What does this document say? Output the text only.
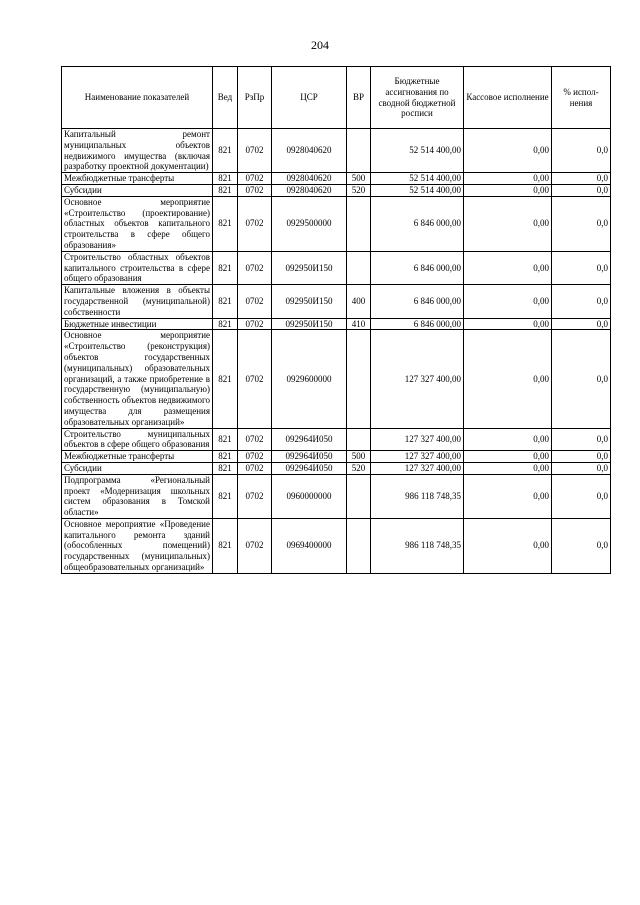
204
Наименование показателей	Вед	РзПр	ЦСР	ВР	Бюджетные ассигнования по сводной бюджетной росписи	Кассовое исполнение	% испол-нения
Капитальный ремонт муниципальных объектов недвижимого имущества (включая разработку проектной документации)	821	0702	0928040620		52 514 400,00	0,00	0,0
Межбюджетные трансферты	821	0702	0928040620	500	52 514 400,00	0,00	0,0
Субсидии	821	0702	0928040620	520	52 514 400,00	0,00	0,0
Основное мероприятие «Строительство (проектирование) областных объектов капитального строительства в сфере общего образования»	821	0702	0929500000		6 846 000,00	0,00	0,0
Строительство областных объектов капитального строительства в сфере общего образования	821	0702	092950И150		6 846 000,00	0,00	0,0
Капитальные вложения в объекты государственной (муниципальной) собственности	821	0702	092950И150	400	6 846 000,00	0,00	0,0
Бюджетные инвестиции	821	0702	092950И150	410	6 846 000,00	0,00	0,0
Основное мероприятие «Строительство (реконструкция) объектов государственных (муниципальных) образовательных организаций, а также приобретение в государственную (муниципальную) собственность объектов недвижимого имущества для размещения образовательных организаций»	821	0702	0929600000		127 327 400,00	0,00	0,0
Строительство муниципальных объектов в сфере общего образования	821	0702	092964И050		127 327 400,00	0,00	0,0
Межбюджетные трансферты	821	0702	092964И050	500	127 327 400,00	0,00	0,0
Субсидии	821	0702	092964И050	520	127 327 400,00	0,00	0,0
Подпрограмма «Региональный проект «Модернизация школьных систем образования в Томской области»	821	0702	0960000000		986 118 748,35	0,00	0,0
Основное мероприятие «Проведение капитального ремонта зданий (обособленных помещений) государственных (муниципальных) общеобразовательных организаций»	821	0702	0969400000		986 118 748,35	0,00	0,0
